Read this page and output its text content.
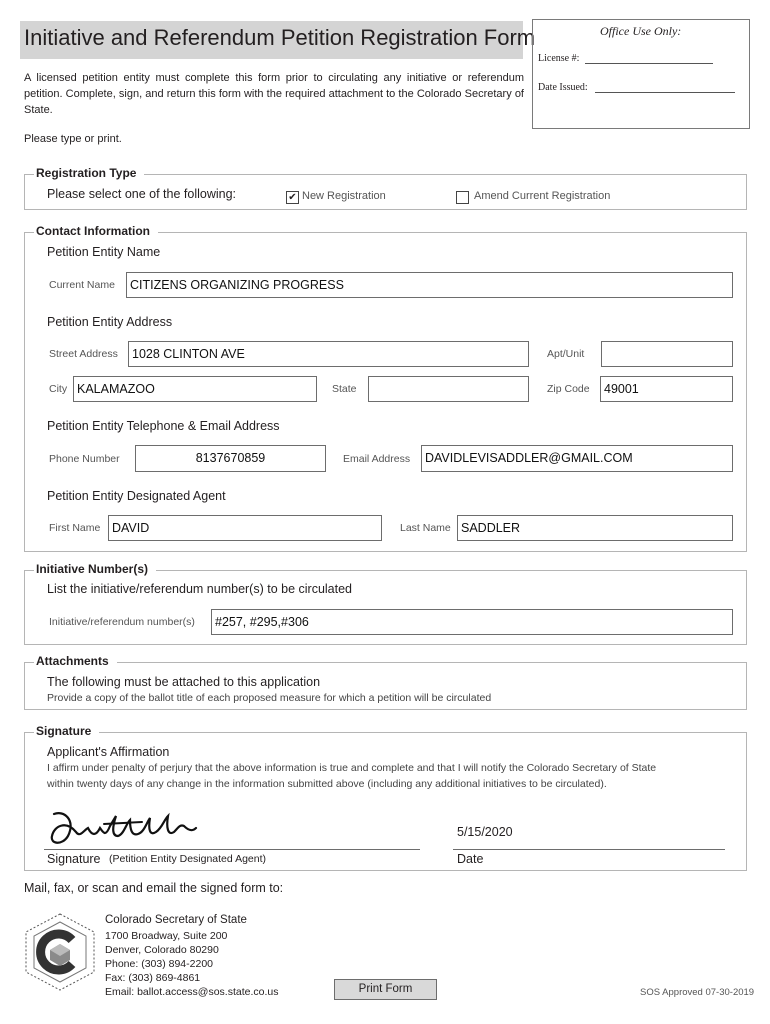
Initiative and Referendum Petition Registration Form	Office Use Only:
License #:
Date Issued:
A licensed petition entity must complete this form prior to circulating any initiative or referendum petition. Complete, sign, and return this form with the required attachment to the Colorado Secretary of State.
Please type or print.
Registration Type
Please select one of the following:	✔ New Registration	Amend Current Registration
Contact Information
Petition Entity Name
Current Name	CITIZENS ORGANIZING PROGRESS
Petition Entity Address
Street Address	1028 CLINTON AVE	Apt/Unit
City KALAMAZOO	State	Zip Code	49001
Petition Entity Telephone & Email Address
Phone Number	8137670859	Email Address	DAVIDLEVISADDLER@GMAIL.COM
Petition Entity Designated Agent
First Name DAVID	Last Name SADDLER
Initiative Number(s)
List the initiative/referendum number(s) to be circulated
Initiative/referendum number(s)	#257, #295,#306
Attachments
The following must be attached to this application
Provide a copy of the ballot title of each proposed measure for which a petition will be circulated
Signature
Applicant's Affirmation
I affirm under penalty of perjury that the above information is true and complete and that I will notify the Colorado Secretary of State
within twenty days of any change in the information submitted above (including any additional initiatives to be circulated).
Signature (Petition Entity Designated Agent)
5/15/2020
Date
Mail, fax, or scan and email the signed form to:
Colorado Secretary of State
1700 Broadway, Suite 200
Denver, Colorado 80290
Phone: (303) 894-2200
Fax: (303) 869-4861
Email: ballot.access@sos.state.co.us	Print Form	SOS Approved 07-30-2019
